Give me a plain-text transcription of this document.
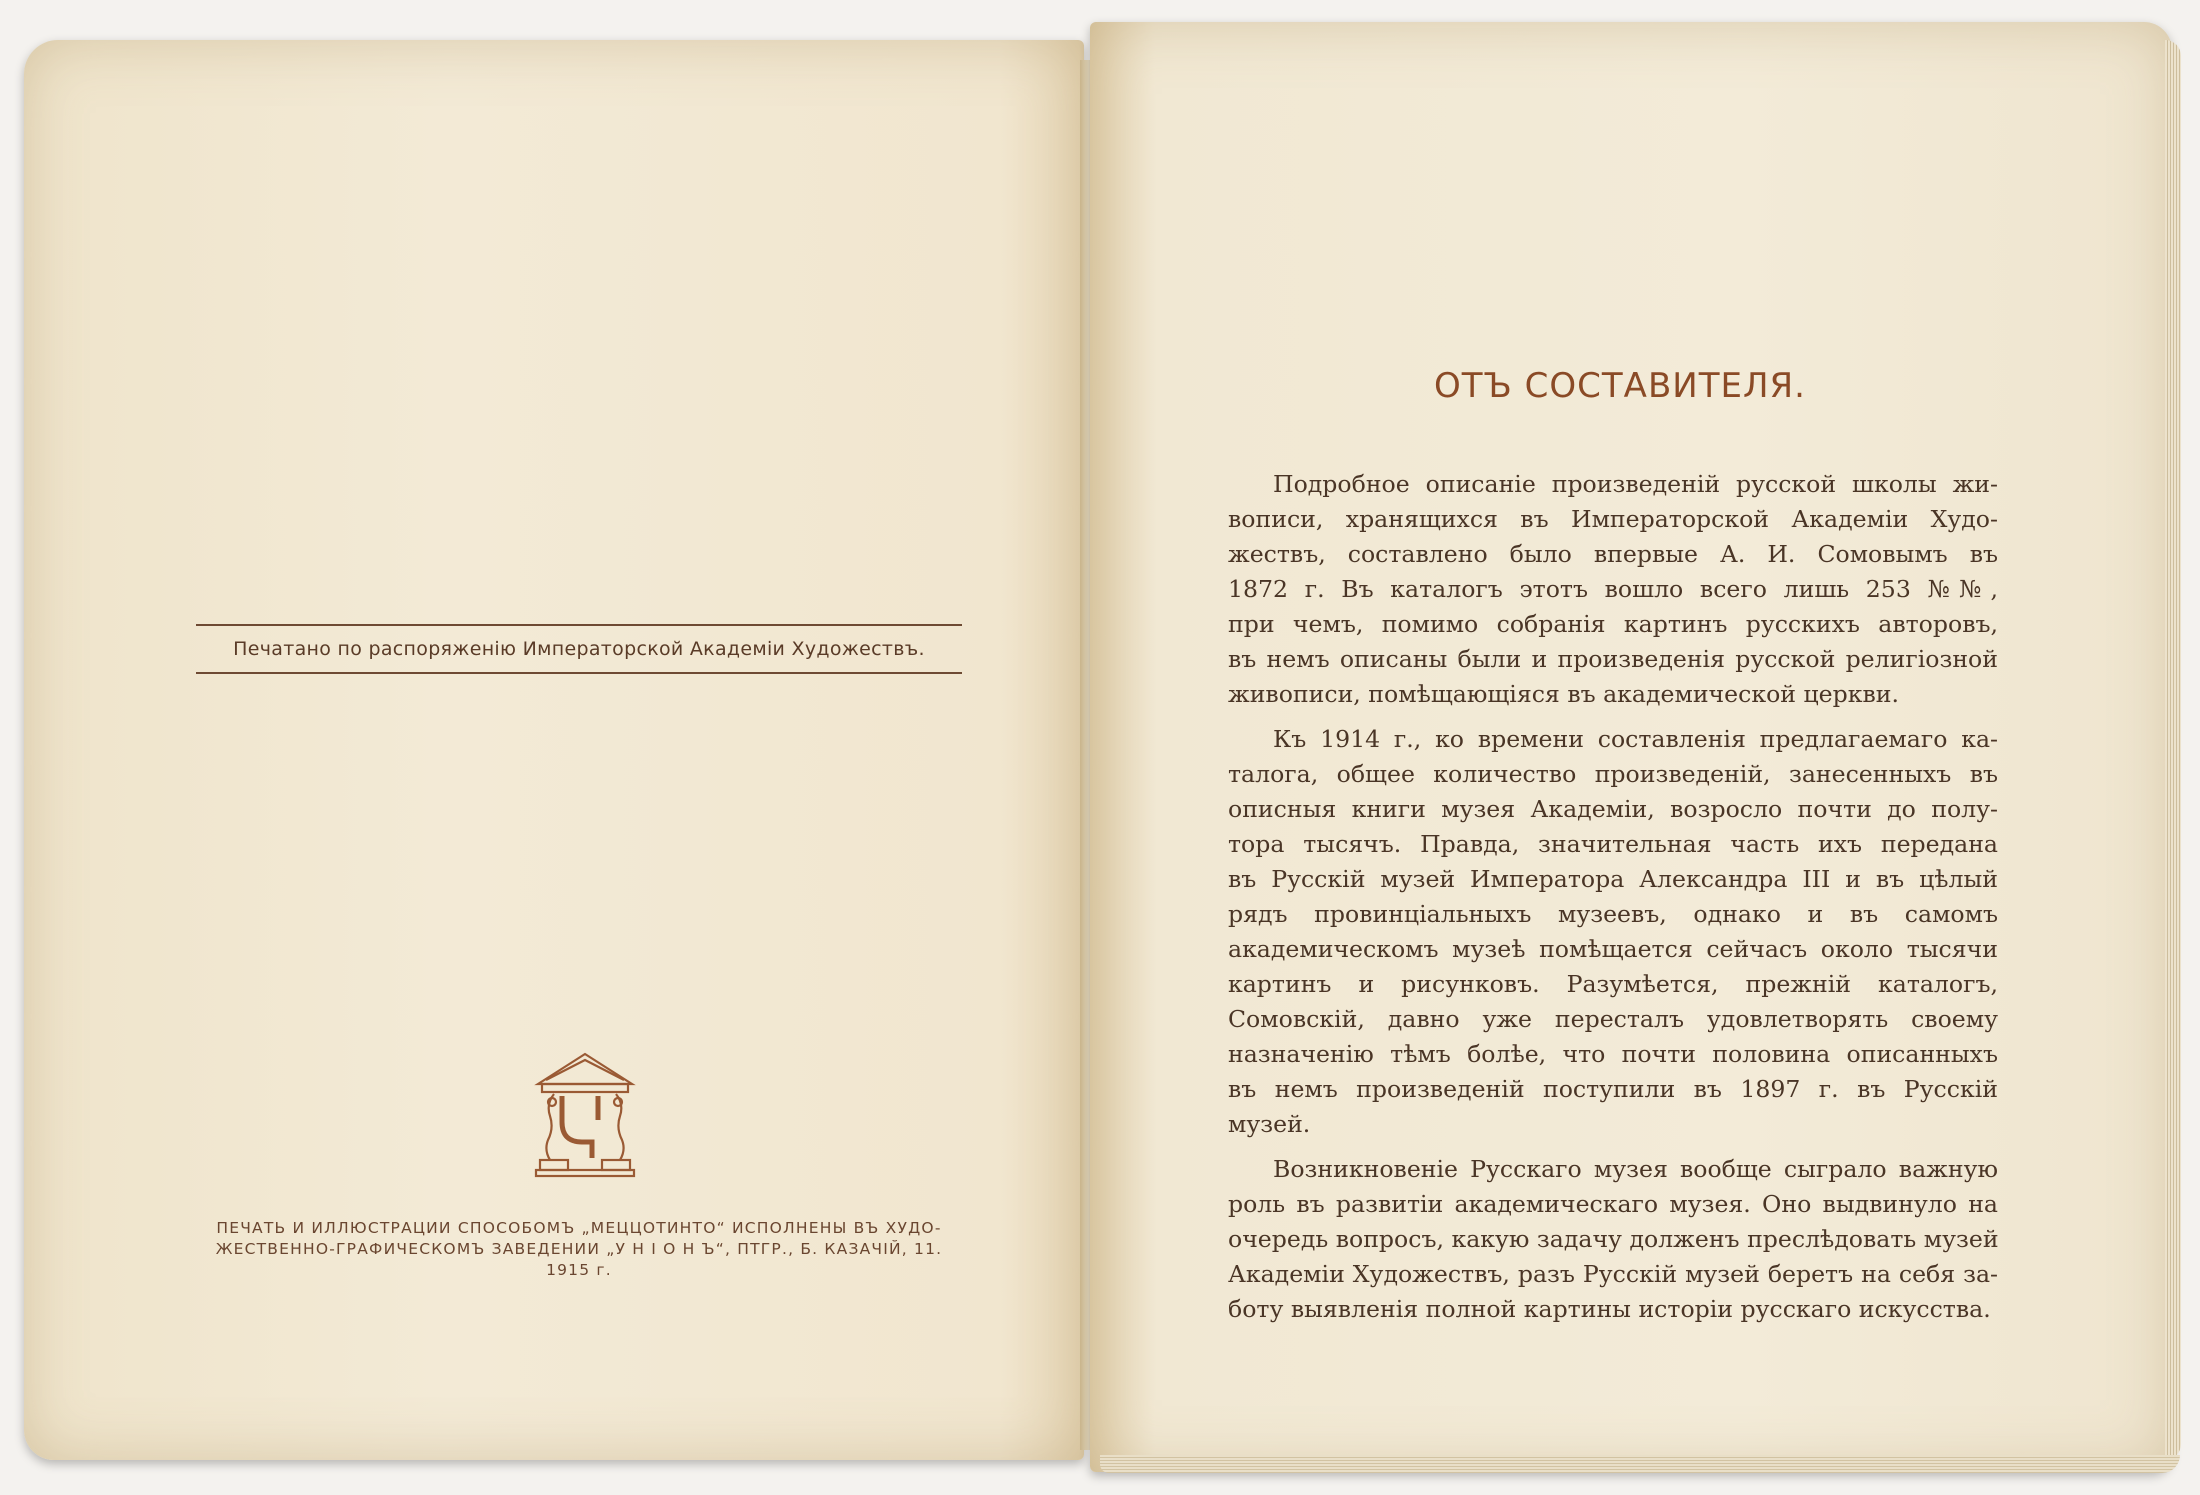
Печатано по распоряженію Императорской Академіи Художествъ.
ПЕЧАТЬ И ИЛЛЮСТРАЦИИ СПОСОБОМЪ „МЕЦЦОТИНТО“ ИСПОЛНЕНЫ ВЪ ХУДО-
ЖЕСТВЕННО-ГРАФИЧЕСКОМЪ ЗАВЕДЕНИИ „У Н І О Н Ъ“, ПТГР., Б. КАЗАЧІЙ, 11.
1915 г.
ОТЪ СОСТАВИТЕЛЯ.

Подробное описаніе произведеній русской школы жи-
вописи, хранящихся въ Императорской Академіи Худо-
жествъ, составлено было впервые А. И. Сомовымъ въ
1872 г. Въ каталогъ этотъ вошло всего лишь 253 №№,
при чемъ, помимо собранія картинъ русскихъ авторовъ,
въ немъ описаны были и произведенія русской религіозной
живописи, помѣщающіяся въ академической церкви.

Къ 1914 г., ко времени составленія предлагаемаго ка-
талога, общее количество произведеній, занесенныхъ въ
описныя книги музея Академіи, возросло почти до полу-
тора тысячъ. Правда, значительная часть ихъ передана
въ Русскій музей Императора Александра III и въ цѣлый
рядъ провинціальныхъ музеевъ, однако и въ самомъ
академическомъ музеѣ помѣщается сейчасъ около тысячи
картинъ и рисунковъ. Разумѣется, прежній каталогъ,
Сомовскій, давно уже пересталъ удовлетворять своему
назначенію тѣмъ болѣе, что почти половина описанныхъ
въ немъ произведеній поступили въ 1897 г. въ Русскій
музей.

Возникновеніе Русскаго музея вообще сыграло важную
роль въ развитіи академическаго музея. Оно выдвинуло на
очередь вопросъ, какую задачу долженъ преслѣдовать музей
Академіи Художествъ, разъ Русскій музей беретъ на себя за-
боту выявленія полной картины исторіи русскаго искусства.
